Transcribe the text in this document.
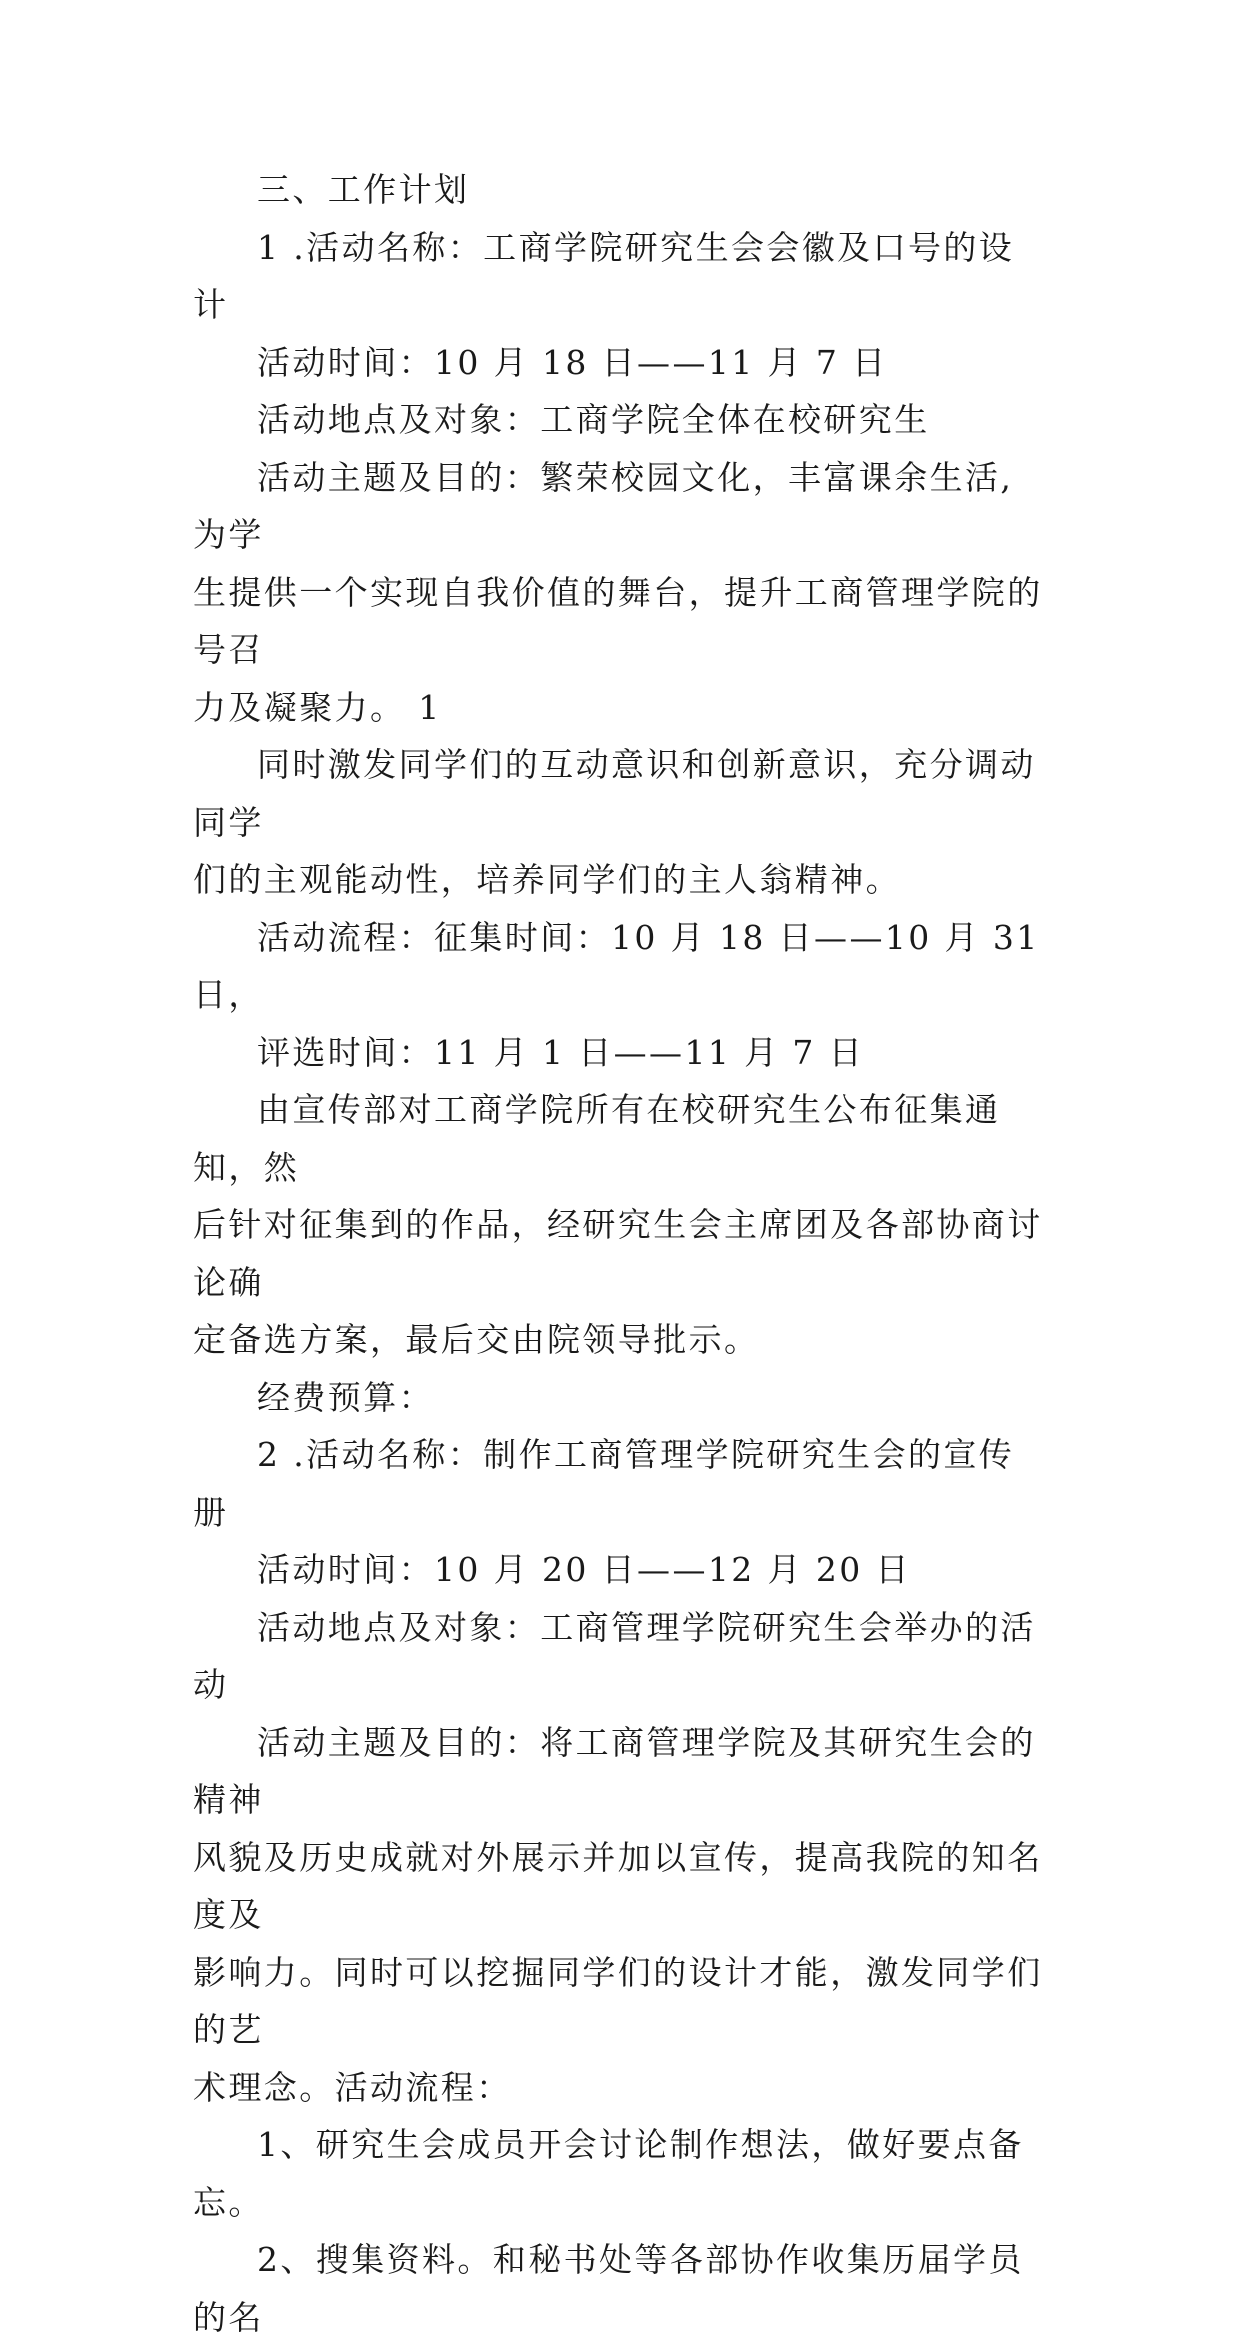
三、工作计划

1 .活动名称：工商学院研究生会会徽及口号的设计

活动时间：10 月 18 日——11 月 7 日

活动地点及对象：工商学院全体在校研究生

活动主题及目的：繁荣校园文化，丰富课余生活,为学

生提供一个实现自我价值的舞台，提升工商管理学院的号召

力及凝聚力。 1

同时激发同学们的互动意识和创新意识，充分调动同学

们的主观能动性，培养同学们的主人翁精神。

活动流程：征集时间：10 月 18 日——10 月 31 日，

评选时间：11 月 1 日——11 月 7 日

由宣传部对工商学院所有在校研究生公布征集通知，然

后针对征集到的作品，经研究生会主席团及各部协商讨论确

定备选方案，最后交由院领导批示。

经费预算：

2 .活动名称：制作工商管理学院研究生会的宣传册

活动时间：10 月 20 日——12 月 20 日

活动地点及对象：工商管理学院研究生会举办的活动

活动主题及目的：将工商管理学院及其研究生会的精神

风貌及历史成就对外展示并加以宣传，提高我院的知名度及

影响力。同时可以挖掘同学们的设计才能，激发同学们的艺

术理念。活动流程：

1、研究生会成员开会讨论制作想法，做好要点备忘。

2、搜集资料。和秘书处等各部协作收集历届学员的名
